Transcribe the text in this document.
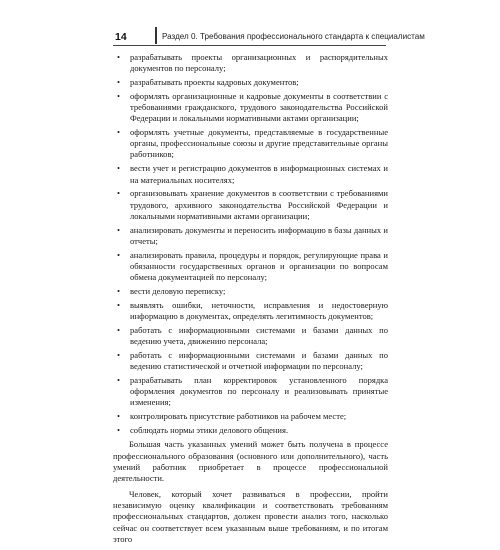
14	Раздел 0. Требования профессионального стандарта к специалистам
• разрабатывать проекты организационных и распорядительных документов по персоналу;
• разрабатывать проекты кадровых документов;
• оформлять организационные и кадровые документы в соответствии с требованиями гражданского, трудового законодательства Российской Федерации и локальными нормативными актами организации;
• оформлять учетные документы, представляемые в государственные органы, профессиональные союзы и другие представительные органы работников;
• вести учет и регистрацию документов в информационных системах и на материальных носителях;
• организовывать хранение документов в соответствии с требованиями трудового, архивного законодательства Российской Федерации и локальными нормативными актами организации;
• анализировать документы и переносить информацию в базы данных и отчеты;
• анализировать правила, процедуры и порядок, регулирующие права и обязанности государственных органов и организации по вопросам обмена документацией по персоналу;
• вести деловую переписку;
• выявлять ошибки, неточности, исправления и недостоверную информацию в документах, определять легитимность документов;
• работать с информационными системами и базами данных по ведению учета, движению персонала;
• работать с информационными системами и базами данных по ведению статистической и отчетной информации по персоналу;
• разрабатывать план корректировок установленного порядка оформления документов по персоналу и реализовывать принятые изменения;
• контролировать присутствие работников на рабочем месте;
• соблюдать нормы этики делового общения.

Большая часть указанных умений может быть получена в процессе профессионального образования (основного или дополнительного), часть умений работник приобретает в процессе профессиональной деятельности.

Человек, который хочет развиваться в профессии, пройти независимую оценку квалификации и соответствовать требованиям профессиональных стандартов, должен провести анализ того, насколько сейчас он соответствует всем указанным выше требованиям, и по итогам этого
